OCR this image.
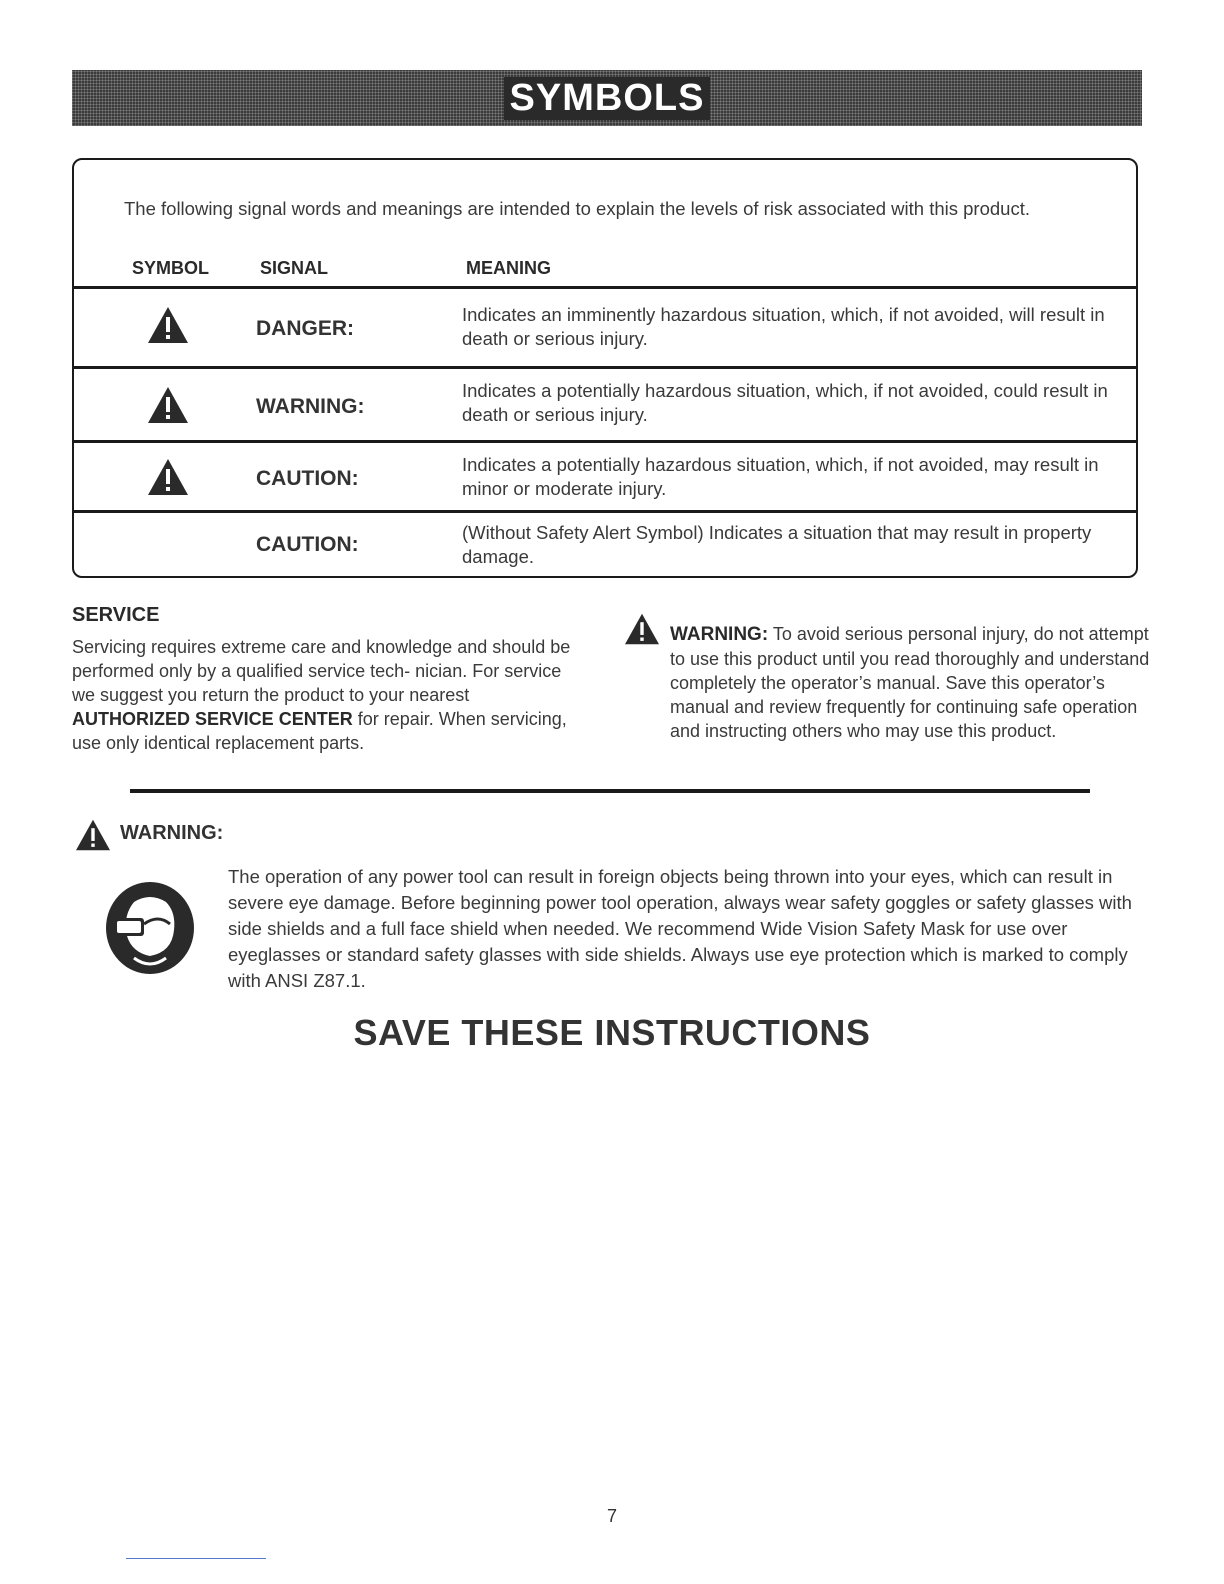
SYMBOLS
The following signal words and meanings are intended to explain the levels of risk associated with this product.
SYMBOL	SIGNAL	MEANING
DANGER:
Indicates an imminently hazardous situation, which, if not avoided, will result in death or serious injury.
WARNING:
Indicates a potentially hazardous situation, which, if not avoided, could result in death or serious injury.
CAUTION:
Indicates a potentially hazardous situation, which, if not avoided, may result in minor or moderate injury.
CAUTION:
(Without Safety Alert Symbol) Indicates a situation that may result in property damage.
SERVICE
Servicing requires extreme care and knowledge and should be performed only by a qualified service tech- nician. For service we suggest you return the product to your nearest AUTHORIZED SERVICE CENTER for repair. When servicing, use only identical replacement parts.
WARNING: To avoid serious personal injury, do not attempt to use this product until you read thoroughly and understand completely the operator’s manual. Save this operator’s manual and review frequently for continuing safe operation and instructing others who may use this product.
WARNING:
The operation of any power tool can result in foreign objects being thrown into your eyes, which can result in severe eye damage. Before beginning power tool operation, always wear safety goggles or safety glasses with side shields and a full face shield when needed. We recommend Wide Vision Safety Mask for use over eyeglasses or standard safety glasses with side shields. Always use eye protection which is marked to comply with ANSI Z87.1.
SAVE THESE INSTRUCTIONS
7
